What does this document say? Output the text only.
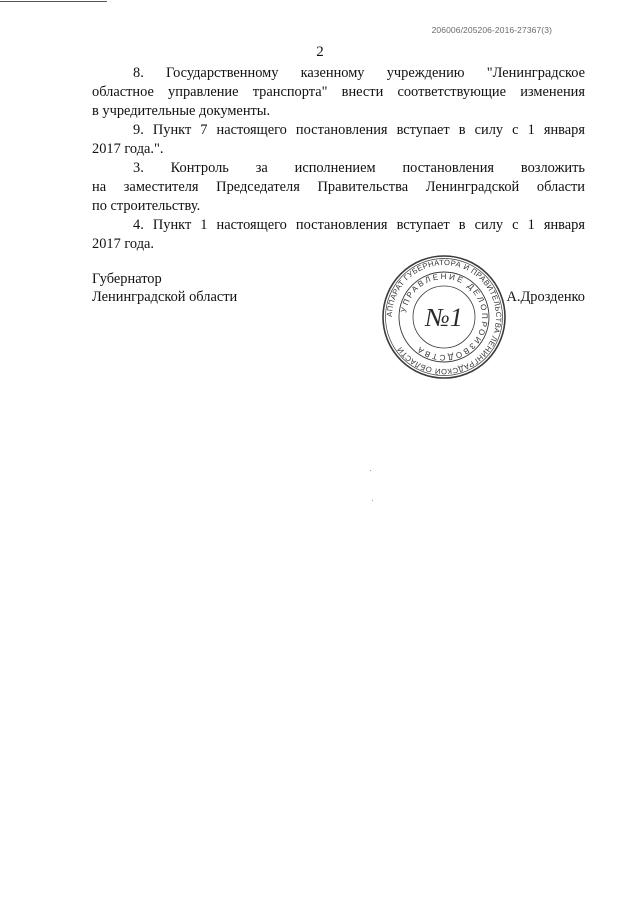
206006/205206-2016-27367(3)
2

8. Государственному казенному учреждению "Ленинградское

областное управление транспорта" внести соответствующие изменения

в учредительные документы.

9. Пункт 7 настоящего постановления вступает в силу с 1 января

2017 года.".

3. Контроль за исполнением постановления возложить

на заместителя Председателя Правительства Ленинградской области

по строительству.

4. Пункт 1 настоящего постановления вступает в силу с 1 января

2017 года.

Губернатор
Ленинградской области	А.Дрозденко
АППАРАТ ГУБЕРНАТОРА И ПРАВИТЕЛЬСТВА ЛЕНИНГРАДСКОЙ ОБЛАСТИ
УПРАВЛЕНИЕ ДЕЛОПРОИЗВОДСТВА
№1
